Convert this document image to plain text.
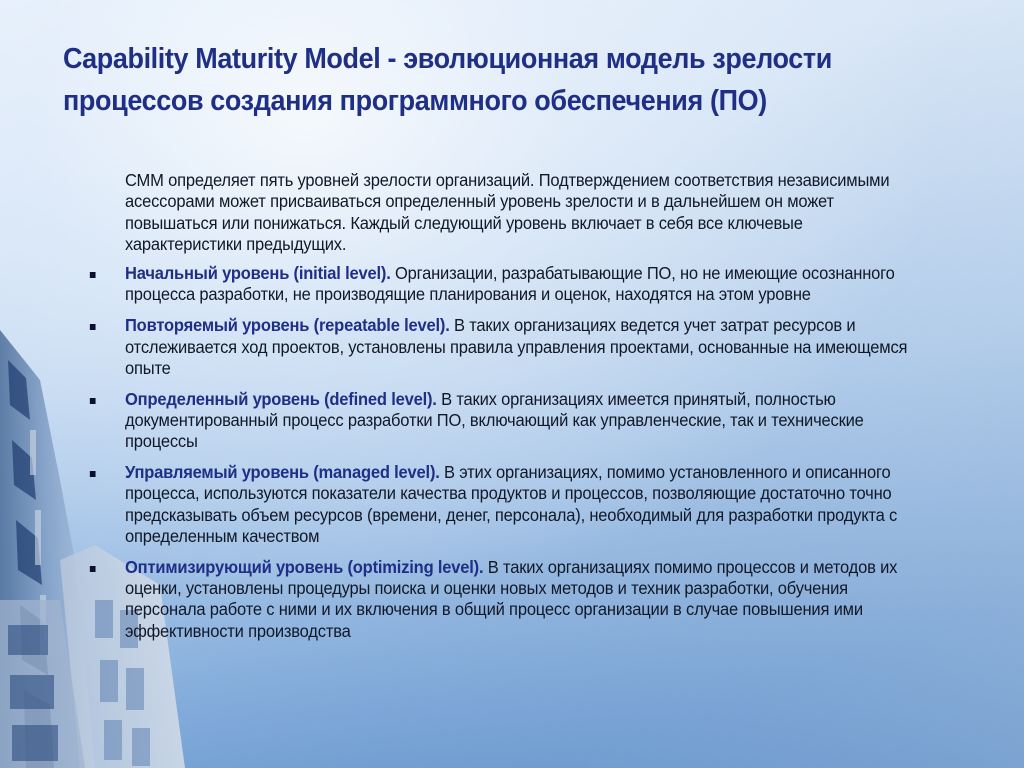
Capability Maturity Model - эволюционная модель зрелости процессов создания программного обеспечения (ПО)

СММ определяет пять уровней зрелости организаций. Подтверждением соответствия независимыми асессорами может присваиваться определенный уровень зрелости и в дальнейшем он может повышаться или понижаться. Каждый следующий уровень включает в себя все ключевые характеристики предыдущих.

Начальный уровень (initial level). Организации, разрабатывающие ПО, но не имеющие осознанного процесса разработки, не производящие планирования и оценок, находятся на этом уровне
Повторяемый уровень (repeatable level). В таких организациях ведется учет затрат ресурсов и отслеживается ход проектов, установлены правила управления проектами, основанные на имеющемся опыте
Определенный уровень (defined level). В таких организациях имеется принятый, полностью документированный процесс разработки ПО, включающий как управленческие, так и технические процессы
Управляемый уровень (managed level). В этих организациях, помимо установленного и описанного процесса, используются показатели качества продуктов и процессов, позволяющие достаточно точно предсказывать объем ресурсов (времени, денег, персонала), необходимый для разработки продукта с определенным качеством
Оптимизирующий уровень (optimizing level). В таких организациях помимо процессов и методов их оценки, установлены процедуры поиска и оценки новых методов и техник разработки, обучения персонала работе с ними и их включения в общий процесс организации в случае повышения ими эффективности производства
